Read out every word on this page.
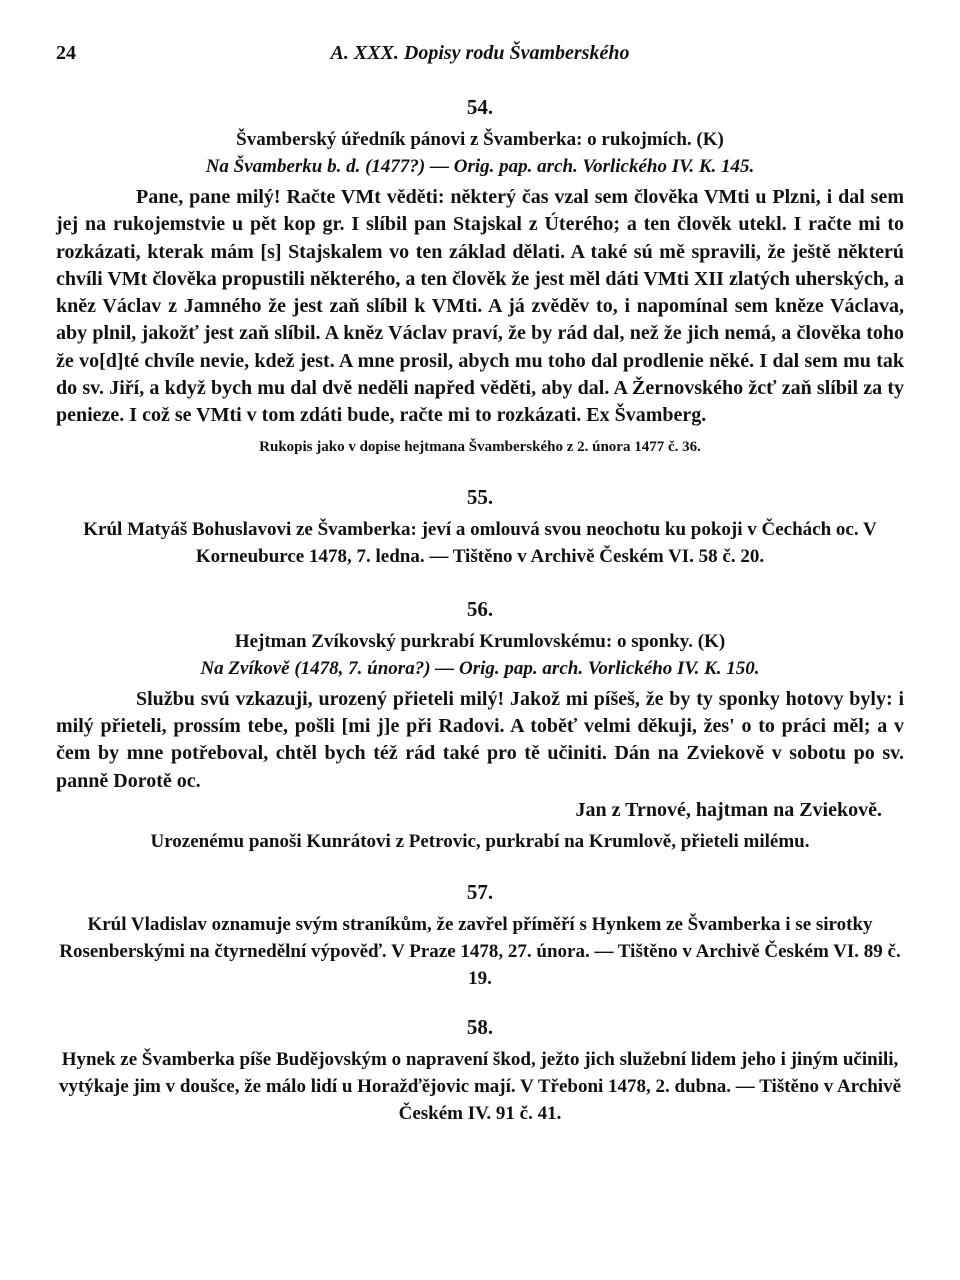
24	A. XXX. Dopisy rodu Švamberského

54.

Švamberský úředník pánovi z Švamberka: o rukojmích. (K)

Na Švamberku b. d. (1477?) — Orig. pap. arch. Vorlického IV. K. 145.

Pane, pane milý! Račte VMt věděti: některý čas vzal sem člověka VMti u Plzni, i dal sem jej na rukojemstvie u pět kop gr. I slíbil pan Stajskal z Úterého; a ten člověk utekl. I račte mi to rozkázati, kterak mám [s] Stajskalem vo ten základ dělati. A také sú mě spravili, že ještě některú chvíli VMt člověka propustili některého, a ten člověk že jest měl dáti VMti XII zlatých uherských, a kněz Václav z Jamného že jest zaň slíbil k VMti. A já zvěděv to, i napomínal sem kněze Václava, aby plnil, jakožť jest zaň slíbil. A kněz Václav praví, že by rád dal, než že jich nemá, a člověka toho že vo[d]té chvíle nevie, kdež jest. A mne prosil, abych mu toho dal prodlenie něké. I dal sem mu tak do sv. Jiří, a když bych mu dal dvě neděli napřed věděti, aby dal. A Žernovského žcť zaň slíbil za ty penieze. I což se VMti v tom zdáti bude, račte mi to rozkázati. Ex Švamberg.

Rukopis jako v dopise hejtmana Švamberského z 2. února 1477 č. 36.

55.

Krúl Matyáš Bohuslavovi ze Švamberka: jeví a omlouvá svou neochotu ku pokoji v Čechách oc. V Korneuburce 1478, 7. ledna. — Tištěno v Archivě Českém VI. 58 č. 20.

56.

Hejtman Zvíkovský purkrabí Krumlovskému: o sponky. (K)

Na Zvíkově (1478, 7. února?) — Orig. pap. arch. Vorlického IV. K. 150.

Službu svú vzkazuji, urozený přieteli milý! Jakož mi píšeš, že by ty sponky hotovy byly: i milý přieteli, prossím tebe, pošli [mi j]e při Radovi. A toběť velmi děkuji, žes' o to práci měl; a v čem by mne potřeboval, chtěl bych též rád také pro tě učiniti. Dán na Zviekově v sobotu po sv. panně Dorotě oc.

Jan z Trnové, hajtman na Zviekově.

Urozenému panoši Kunrátovi z Petrovic, purkrabí na Krumlově, přieteli milému.

57.

Krúl Vladislav oznamuje svým straníkům, že zavřel příměří s Hynkem ze Švamberka i se sirotky Rosenberskými na čtyrnedělní výpověď. V Praze 1478, 27. února. — Tištěno v Archivě Českém VI. 89 č. 19.

58.

Hynek ze Švamberka píše Budějovským o napravení škod, ježto jich služební lidem jeho i jiným učinili, vytýkaje jim v doušce, že málo lidí u Horažďějovic mají. V Třeboni 1478, 2. dubna. — Tištěno v Archivě Českém IV. 91 č. 41.
